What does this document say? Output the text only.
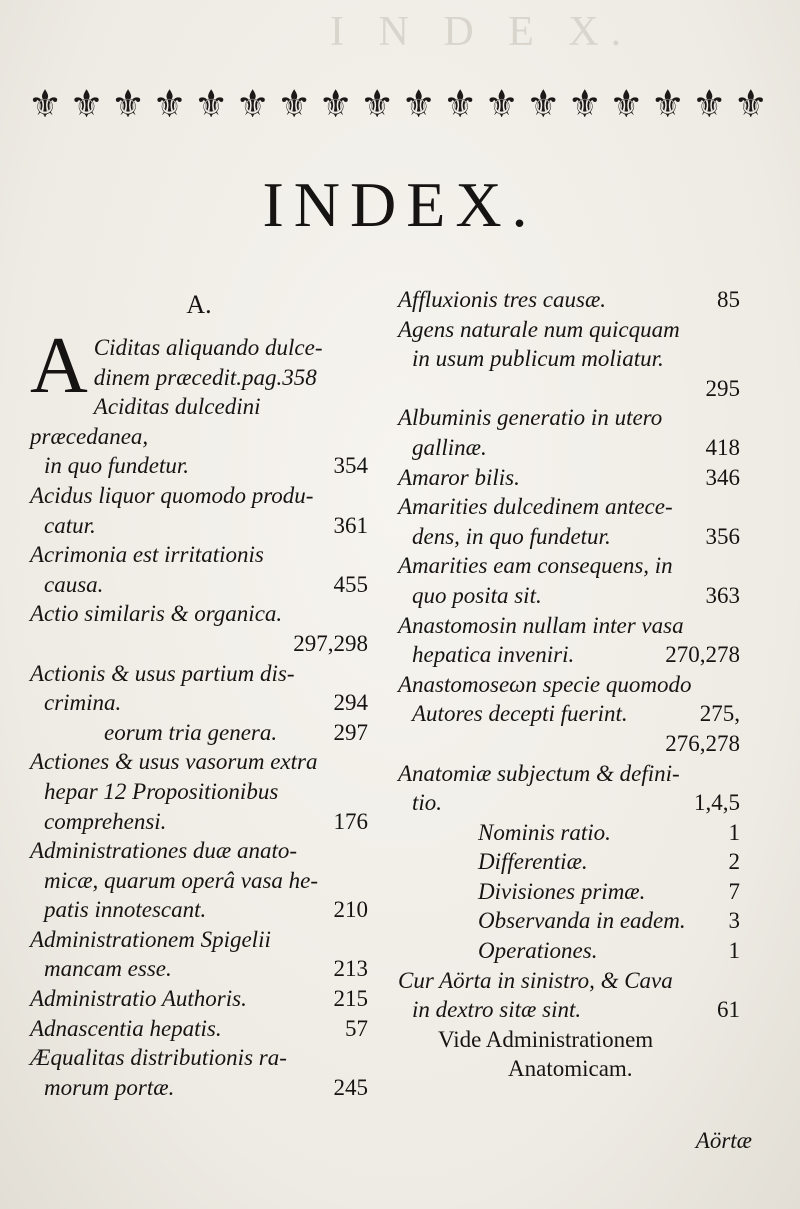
I N D E X.
⚜ ⚜ ⚜ ⚜ ⚜ ⚜ ⚜ ⚜ ⚜ ⚜ ⚜ ⚜ ⚜ ⚜ ⚜ ⚜ ⚜ ⚜
INDEX.
A.
A Ciditas aliquando dulce-
dinem præcedit.pag.358
Aciditas dulcedini præcedanea,
in quo fundetur.	354
Acidus liquor quomodo produ-
catur.	361
Acrimonia est irritationis
causa.	455
Actio similaris & organica.
297,298
Actionis & usus partium dis-
crimina.	294
eorum tria genera.	297
Actiones & usus vasorum extra
hepar 12 Propositionibus
comprehensi.	176
Administrationes duæ anato-
micæ, quarum operâ vasa he-
patis innotescant.	210
Administrationem Spigelii
mancam esse.	213
Administratio Authoris.	215
Adnascentia hepatis.	57
Æqualitas distributionis ra-
morum portæ.	245
Affluxionis tres causæ.	85
Agens naturale num quicquam
in usum publicum moliatur.
295
Albuminis generatio in utero
gallinæ.	418
Amaror bilis.	346
Amarities dulcedinem antece-
dens, in quo fundetur.	356
Amarities eam consequens, in
quo posita sit.	363
Anastomosin nullam inter vasa
hepatica inveniri.	270,278
Anastomoseωn specie quomodo
Autores decepti fuerint.	275,
276,278
Anatomiæ subjectum & defini-
tio.	1,4,5
Nominis ratio.	1
Differentiæ.	2
Divisiones primæ.	7
Observanda in eadem.	3
Operationes.	1
Cur Aörta in sinistro, & Cava
in dextro sitæ sint.	61
Vide Administrationem
Anatomicam.
Aörtæ
